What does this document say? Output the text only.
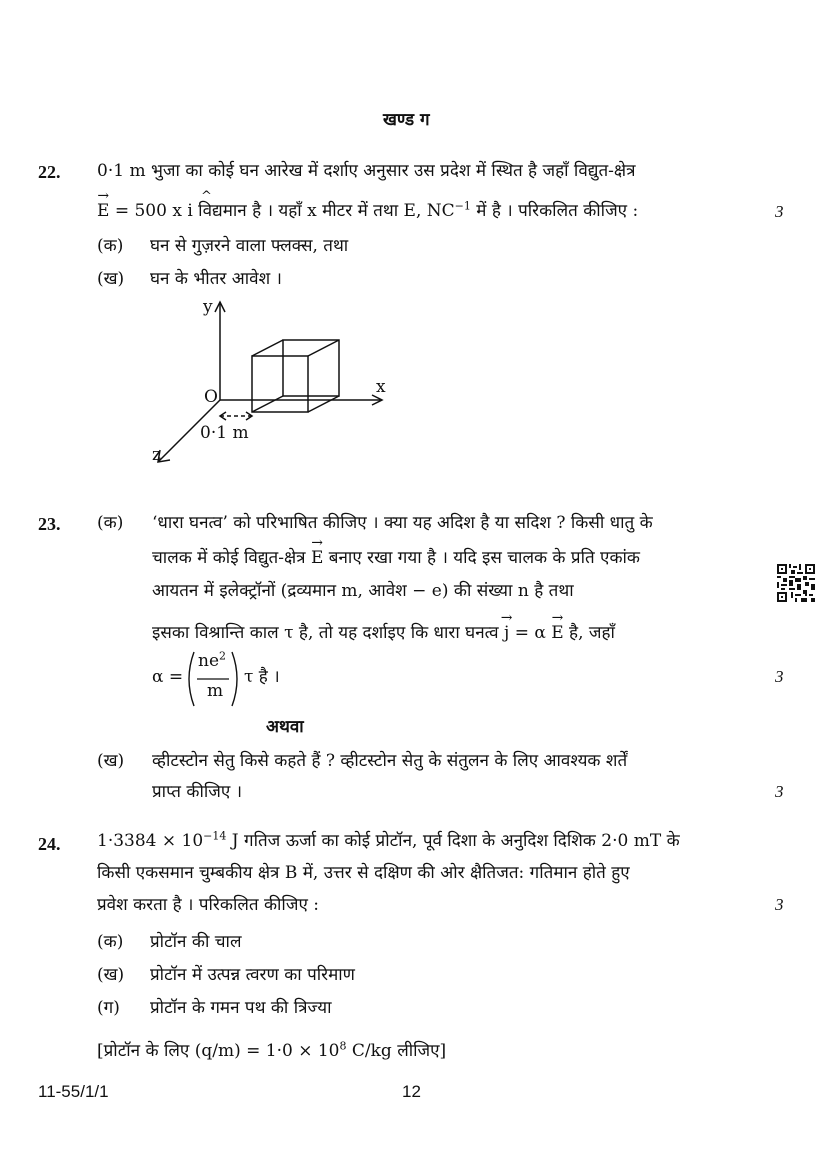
खण्ड ग
22. 0·1 m भुजा का कोई घन आरेख में दर्शाए अनुसार उस प्रदेश में स्थित है जहाँ विद्युत-क्षेत्र
→ E = 500 x
^
i विद्यमान है । यहाँ x मीटर में तथा E, $NC^{-1}$ में है । परिकलित कीजिए :	3
(क) घन से गुज़रने वाला फ्लक्स, तथा
(ख) घन के भीतर आवेश ।
y
x
z
O
0·1 m
23. (क) ‘धारा घनत्व’ को परिभाषित कीजिए । क्या यह अदिश है या सदिश ? किसी धातु के
चालक में कोई विद्युत-क्षेत्र → E बनाए रखा गया है । यदि इस चालक के प्रति एकांक
आयतन में इलेक्ट्रॉनों (द्रव्यमान m, आवेश − e) की संख्या n है तथा
इसका विश्रान्ति काल τ है, तो यह दर्शाइए कि धारा घनत्व → j = α → E है, जहाँ
α =
$ne^2$
m
τ है ।	3
अथवा
(ख) व्हीटस्टोन सेतु किसे कहते हैं ? व्हीटस्टोन सेतु के संतुलन के लिए आवश्यक शर्तें
प्राप्त कीजिए ।	3
24. $1\cdot 3384 \times 10^{-14}$ J गतिज ऊर्जा का कोई प्रोटॉन, पूर्व दिशा के अनुदिश दिशिक 2·0 mT के
किसी एकसमान चुम्बकीय क्षेत्र B में, उत्तर से दक्षिण की ओर क्षैतिजत: गतिमान होते हुए
प्रवेश करता है । परिकलित कीजिए :	3
(क) प्रोटॉन की चाल
(ख) प्रोटॉन में उत्पन्न त्वरण का परिमाण
(ग) प्रोटॉन के गमन पथ की त्रिज्या
[प्रोटॉन के लिए $(q/m) = 1\cdot 0 \times 10^8$ C/kg लीजिए]
11-55/1/1	12
